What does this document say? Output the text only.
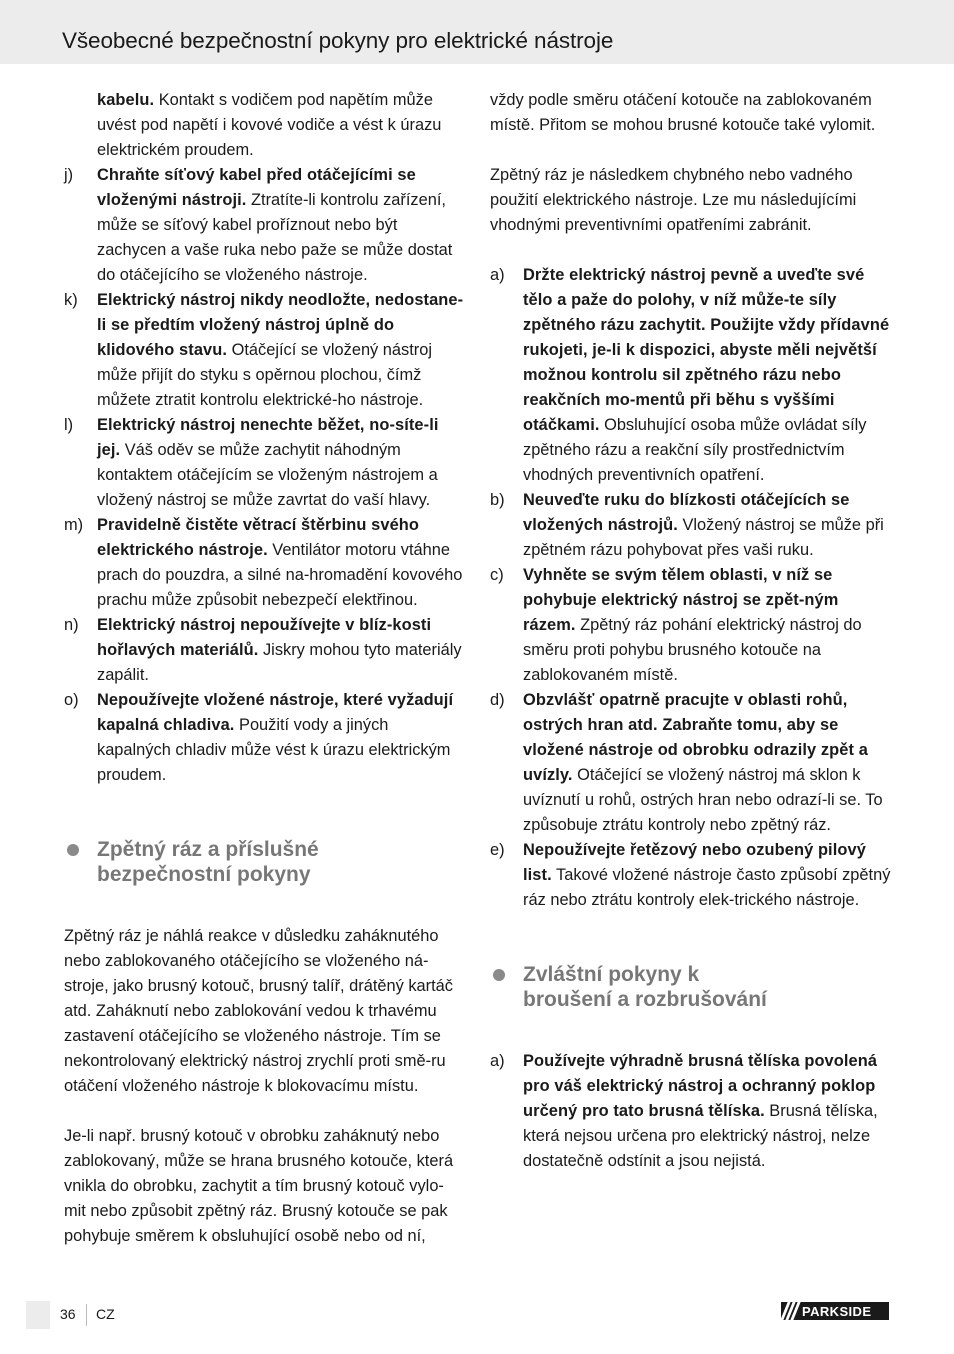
Všeobecné bezpečnostní pokyny pro elektrické nástroje
kabelu. Kontakt s vodičem pod napětím může uvést pod napětí i kovové vodiče a vést k úrazu elektrickém proudem.
j) Chraňte síťový kabel před otáčejícími se vloženými nástroji. Ztratíte-li kontrolu zařízení, může se síťový kabel proříznout nebo být zachycen a vaše ruka nebo paže se může dostat do otáčejícího se vloženého nástroje.
k) Elektrický nástroj nikdy neodložte, nedostane-li se předtím vložený nástroj úplně do klidového stavu. Otáčející se vložený nástroj může přijít do styku s opěrnou plochou, čímž můžete ztratit kontrolu elektrické-ho nástroje.
l) Elektrický nástroj nenechte běžet, no-síte-li jej. Váš oděv se může zachytit náhodným kontaktem otáčejícím se vloženým nástrojem a vložený nástroj se může zavrtat do vaší hlavy.
m) Pravidelně čistěte větrací štěrbinu svého elektrického nástroje. Ventilátor motoru vtáhne prach do pouzdra, a silné na-hromadění kovového prachu může způsobit nebezpečí elektřinou.
n) Elektrický nástroj nepoužívejte v blíz-kosti hořlavých materiálů. Jiskry mohou tyto materiály zapálit.
o) Nepoužívejte vložené nástroje, které vyžadují kapalná chladiva. Použití vody a jiných kapalných chladiv může vést k úrazu elektrickým proudem.
Zpětný ráz a příslušné
bezpečnostní pokyny

Zpětný ráz je náhlá reakce v důsledku zaháknutého nebo zablokovaného otáčejícího se vloženého ná-stroje, jako brusný kotouč, brusný talíř, drátěný kartáč atd. Zaháknutí nebo zablokování vedou k trhavému zastavení otáčejícího se vloženého nástroje. Tím se nekontrolovaný elektrický nástroj zrychlí proti smě-ru otáčení vloženého nástroje k blokovacímu místu.

Je-li např. brusný kotouč v obrobku zaháknutý nebo zablokovaný, může se hrana brusného kotouče, která vnikla do obrobku, zachytit a tím brusný kotouč vylo-mit nebo způsobit zpětný ráz. Brusný kotouče se pak pohybuje směrem k obsluhující osobě nebo od ní,

vždy podle směru otáčení kotouče na zablokovaném místě. Přitom se mohou brusné kotouče také vylomit.

Zpětný ráz je následkem chybného nebo vadného použití elektrického nástroje. Lze mu následujícími vhodnými preventivními opatřeními zabránit.

a) Držte elektrický nástroj pevně a uveďte své tělo a paže do polohy, v níž může-te síly zpětného rázu zachytit. Použijte vždy přídavné rukojeti, je-li k dispozici, abyste měli největší možnou kontrolu sil zpětného rázu nebo reakčních mo-mentů při běhu s vyššími otáčkami. Obsluhující osoba může ovládat síly zpětného rázu a reakční síly prostřednictvím vhodných preventivních opatření.
b) Neuveďte ruku do blízkosti otáčejících se vložených nástrojů. Vložený nástroj se může při zpětném rázu pohybovat přes vaši ruku.
c) Vyhněte se svým tělem oblasti, v níž se pohybuje elektrický nástroj se zpět-ným rázem. Zpětný ráz pohání elektrický nástroj do směru proti pohybu brusného kotouče na zablokovaném místě.
d) Obzvlášť opatrně pracujte v oblasti rohů, ostrých hran atd. Zabraňte tomu, aby se vložené nástroje od obrobku odrazily zpět a uvízly. Otáčející se vložený nástroj má sklon k uvíznutí u rohů, ostrých hran nebo odrazí-li se. To způsobuje ztrátu kontroly nebo zpětný ráz.
e) Nepoužívejte řetězový nebo ozubený pilový list. Takové vložené nástroje často způsobí zpětný ráz nebo ztrátu kontroly elek-trického nástroje.
Zvláštní pokyny k
broušení a rozbrušování
a) Používejte výhradně brusná tělíska povolená pro váš elektrický nástroj a ochranný poklop určený pro tato brusná tělíska. Brusná tělíska, která nejsou určena pro elektrický nástroj, nelze dostatečně odstínit a jsou nejistá.
36 CZ	PARKSIDE
